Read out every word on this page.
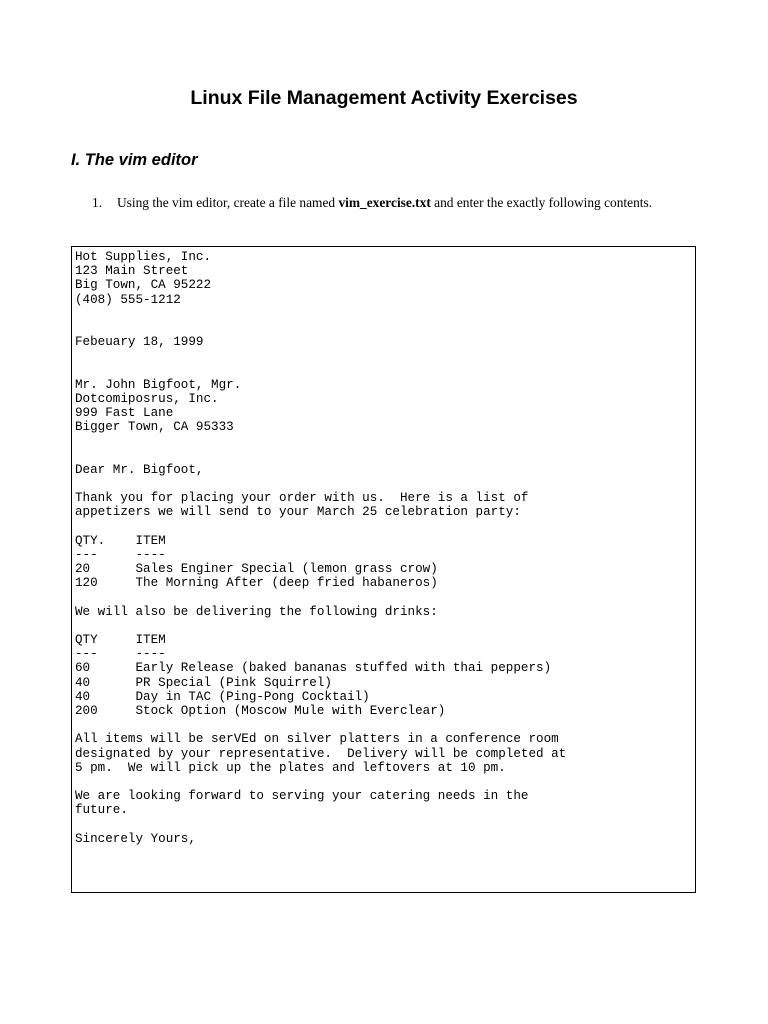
Linux File Management Activity Exercises
I. The vim editor
1. Using the vim editor, create a file named vim_exercise.txt and enter the exactly following contents.
Hot Supplies, Inc.
123 Main Street
Big Town, CA 95222
(408) 555-1212
Febeuary 18, 1999
Mr. John Bigfoot, Mgr.
Dotcomiposrus, Inc.
999 Fast Lane
Bigger Town, CA 95333
Dear Mr. Bigfoot,
Thank you for placing your order with us.  Here is a list of
appetizers we will send to your March 25 celebration party:
QTY.    ITEM
---     ----
20      Sales Enginer Special (lemon grass crow)
120     The Morning After (deep fried habaneros)
We will also be delivering the following drinks:
QTY     ITEM
---     ----
60      Early Release (baked bananas stuffed with thai peppers)
40      PR Special (Pink Squirrel)
40      Day in TAC (Ping-Pong Cocktail)
200     Stock Option (Moscow Mule with Everclear)
All items will be serVEd on silver platters in a conference room
designated by your representative.  Delivery will be completed at
5 pm.  We will pick up the plates and leftovers at 10 pm.
We are looking forward to serving your catering needs in the
future.
Sincerely Yours,
